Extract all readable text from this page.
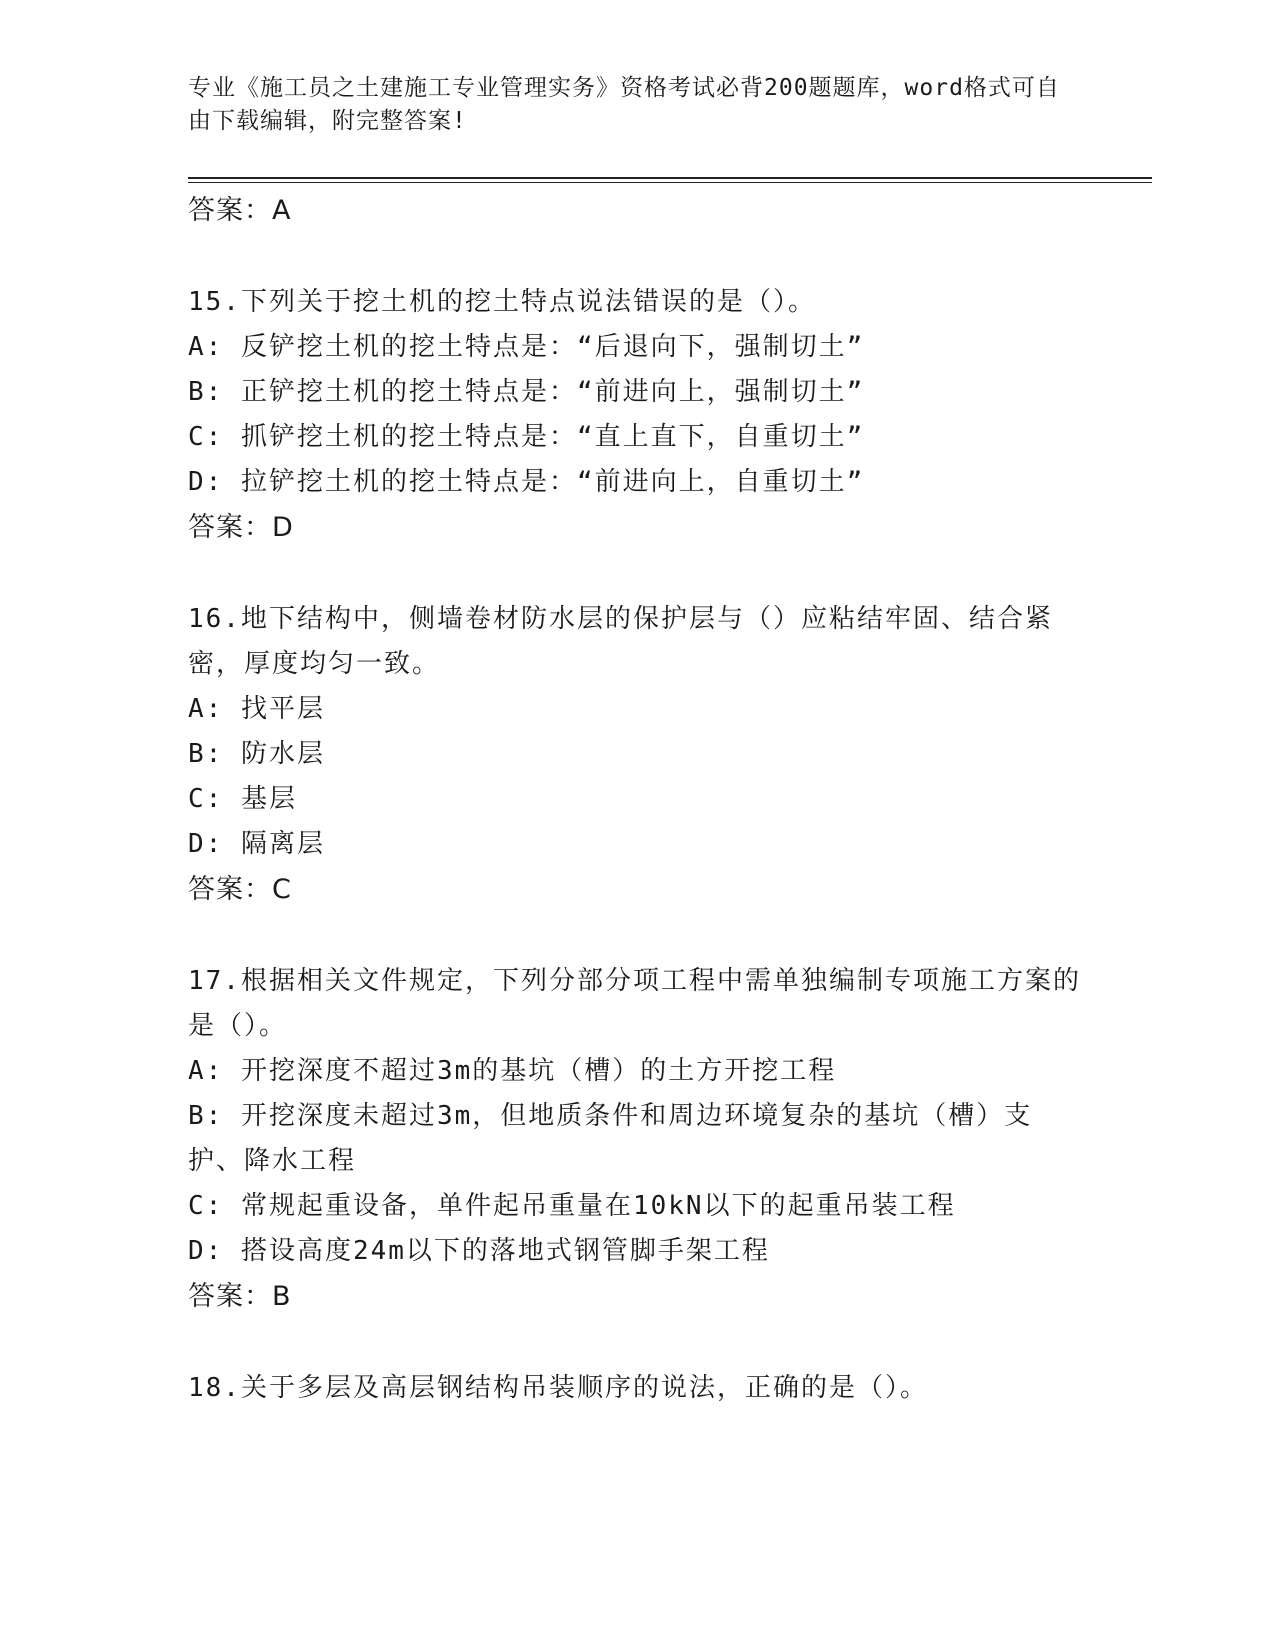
专业《施工员之土建施工专业管理实务》资格考试必背200题题库，word格式可自由下载编辑，附完整答案!
答案：A
15.下列关于挖土机的挖土特点说法错误的是（）。
A: 反铲挖土机的挖土特点是：“后退向下，强制切土”
B: 正铲挖土机的挖土特点是：“前进向上，强制切土”
C: 抓铲挖土机的挖土特点是：“直上直下，自重切土”
D: 拉铲挖土机的挖土特点是：“前进向上，自重切土”
答案：D
16.地下结构中，侧墙卷材防水层的保护层与（）应粘结牢固、结合紧密，厚度均匀一致。
A: 找平层
B: 防水层
C: 基层
D: 隔离层
答案：C
17.根据相关文件规定，下列分部分项工程中需单独编制专项施工方案的是（）。
A: 开挖深度不超过3m的基坑（槽）的土方开挖工程
B: 开挖深度未超过3m，但地质条件和周边环境复杂的基坑（槽）支护、降水工程
C: 常规起重设备，单件起吊重量在10kN以下的起重吊装工程
D: 搭设高度24m以下的落地式钢管脚手架工程
答案：B
18.关于多层及高层钢结构吊装顺序的说法，正确的是（）。
